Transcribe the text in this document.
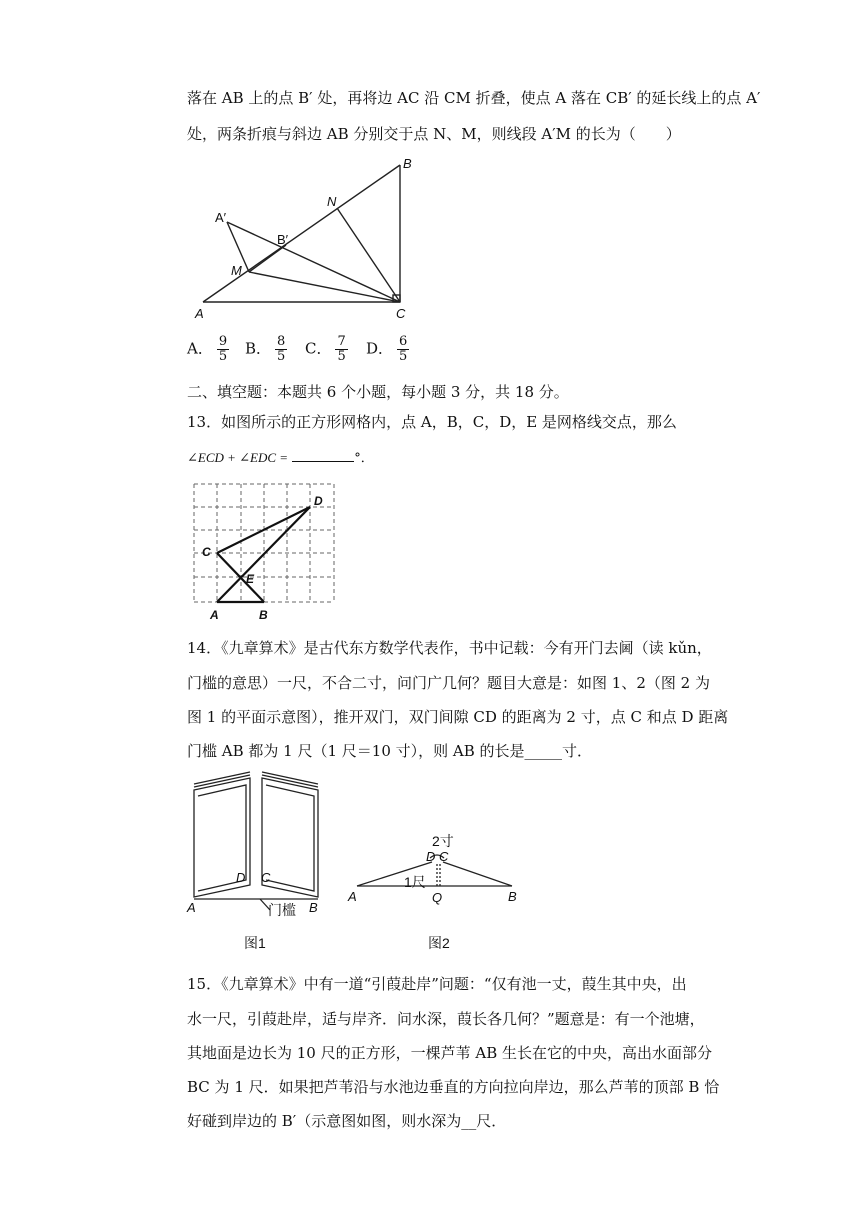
落在 AB 上的点 B′ 处，再将边 AC 沿 CM 折叠，使点 A 落在 CB′ 的延长线上的点 A′
处，两条折痕与斜边 AB 分别交于点 N、M，则线段 A′M 的长为（　　）
B
N
A′
B′
M
A	C
A． $\frac{9}{5}$ B． $\frac{8}{5}$ C． $\frac{7}{5}$ D． $\frac{6}{5}$
二、填空题：本题共 6 个小题，每小题 3 分，共 18 分。
13．如图所示的正方形网格内，点 A，B，C，D，E 是网格线交点，那么
∠ECD + ∠EDC =	°．
D
C
E
A	B
14．《九章算术》是古代东方数学代表作，书中记载：今有开门去阃（读 kǔn，
门槛的意思）一尺，不合二寸，问门广几何？题目大意是：如图 1、2（图 2 为
图 1 的平面示意图），推开双门，双门间隙 CD 的距离为 2 寸，点 C 和点 D 距离
门槛 AB 都为 1 尺（1 尺＝10 寸），则 AB 的长是_____寸．
D C
A	B
门槛
图1
2寸
D C
1尺
A	Q	B
图2
15．《九章算术》中有一道“引葭赴岸”问题：“仅有池一丈，葭生其中央，出
水一尺，引葭赴岸，适与岸齐．问水深，葭长各几何？”题意是：有一个池塘，
其地面是边长为 10 尺的正方形，一棵芦苇 AB 生长在它的中央，高出水面部分
BC 为 1 尺．如果把芦苇沿与水池边垂直的方向拉向岸边，那么芦苇的顶部 B 恰
好碰到岸边的 B′（示意图如图，则水深为__尺．
